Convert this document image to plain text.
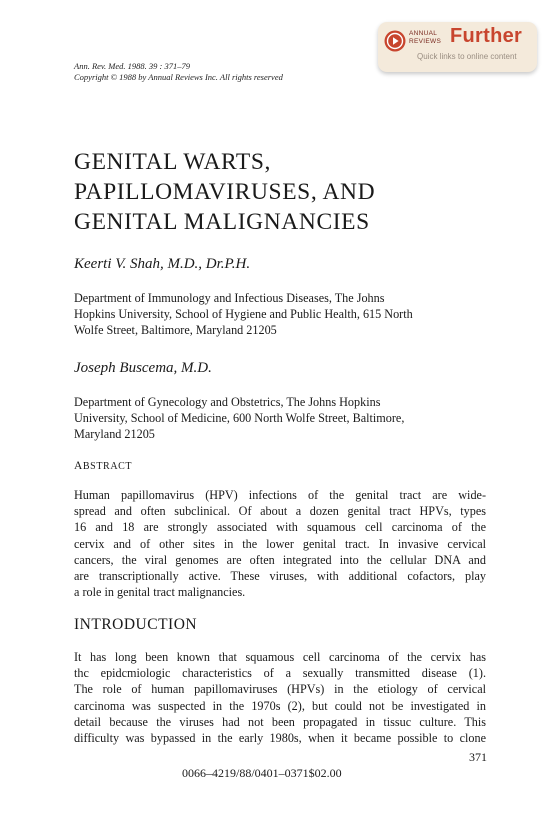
Ann. Rev. Med. 1988. 39 : 371–79
Copyright © 1988 by Annual Reviews Inc. All rights reserved
ANNUAL
REVIEWS Further
Quick links to online content
GENITAL WARTS,
PAPILLOMAVIRUSES, AND
GENITAL MALIGNANCIES
Keerti V. Shah, M.D., Dr.P.H.
Department of Immunology and Infectious Diseases, The Johns
Hopkins University, School of Hygiene and Public Health, 615 North
Wolfe Street, Baltimore, Maryland 21205
Joseph Buscema, M.D.
Department of Gynecology and Obstetrics, The Johns Hopkins
University, School of Medicine, 600 North Wolfe Street, Baltimore,
Maryland 21205
ABSTRACT
Human papillomavirus (HPV) infections of the genital tract are wide-
spread and often subclinical. Of about a dozen genital tract HPVs, types
16 and 18 are strongly associated with squamous cell carcinoma of the
cervix and of other sites in the lower genital tract. In invasive cervical
cancers, the viral genomes are often integrated into the cellular DNA and
are transcriptionally active. These viruses, with additional cofactors, play
a role in genital tract malignancies.
INTRODUCTION
It has long been known that squamous cell carcinoma of the cervix has
thc epidcmiologic characteristics of a sexually transmitted disease (1).
The role of human papillomaviruses (HPVs) in the etiology of cervical
carcinoma was suspected in the 1970s (2), but could not be investigated in
detail because the viruses had not been propagated in tissuc culture. This
difficulty was bypassed in the early 1980s, when it became possible to clone
371
0066–4219/88/0401–0371$02.00
